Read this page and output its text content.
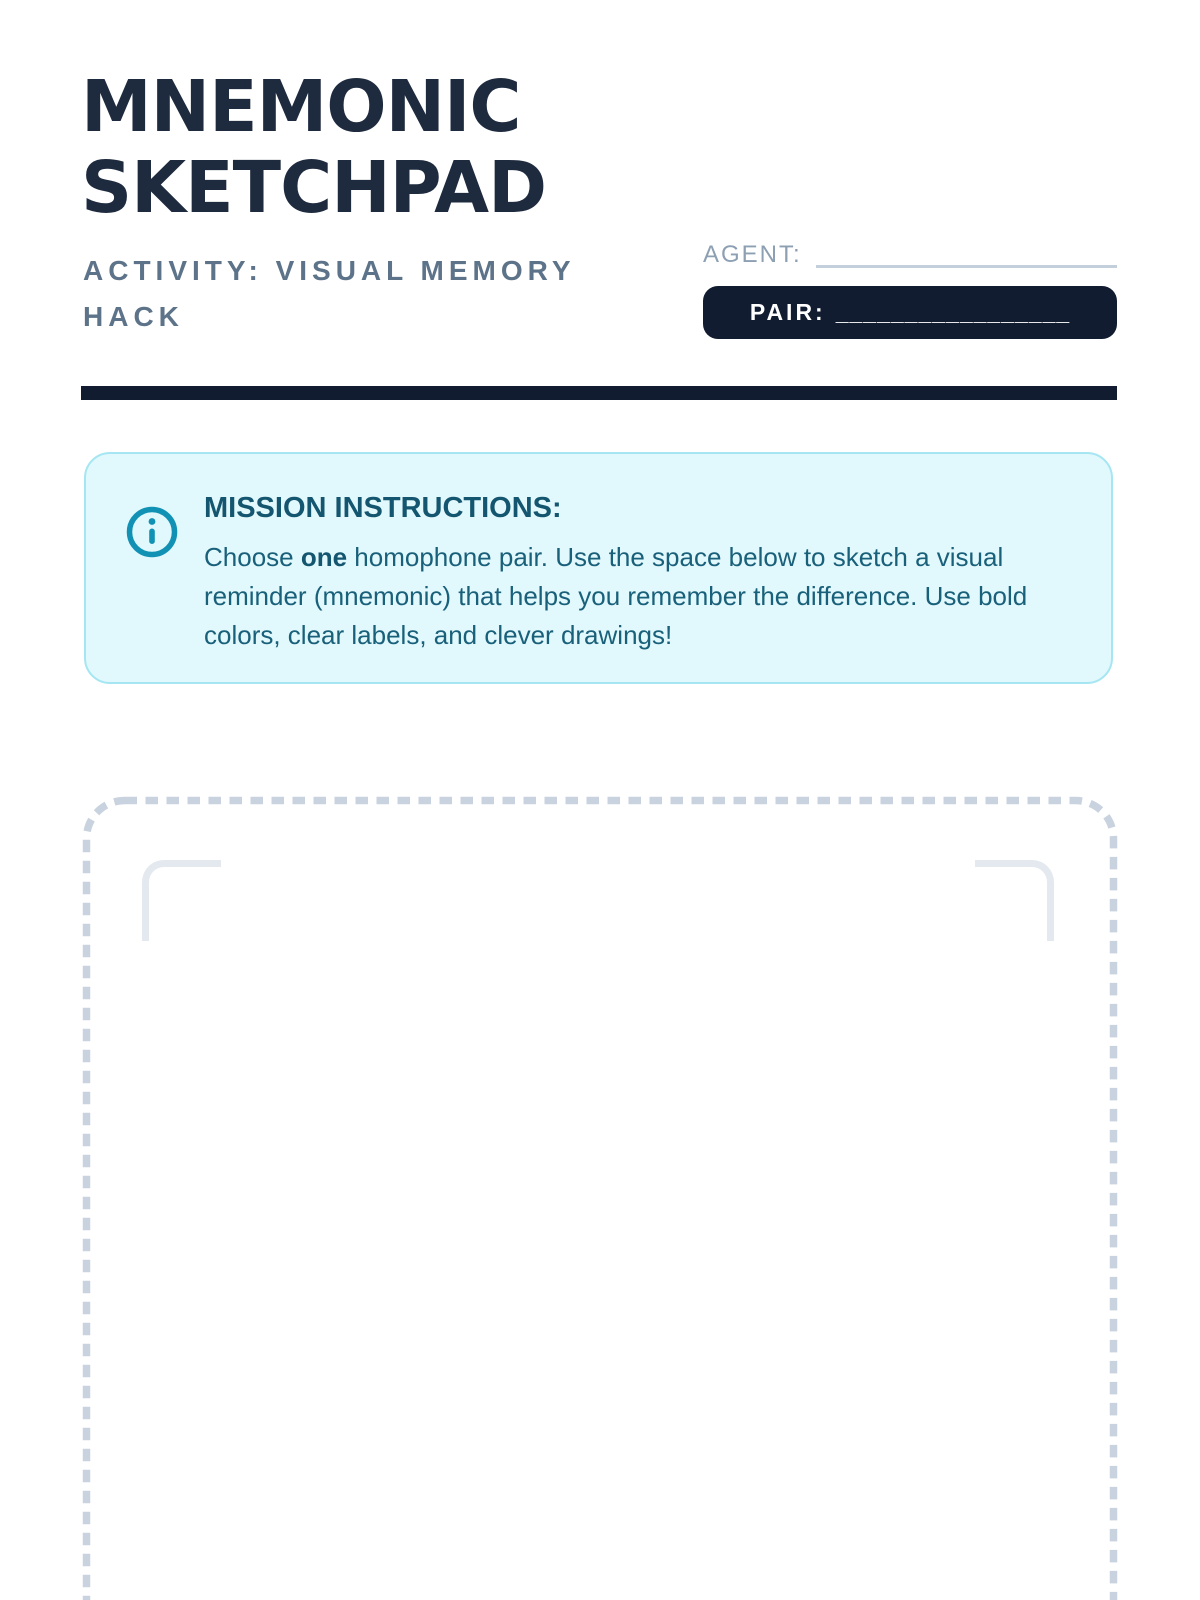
MNEMONIC SKETCHPAD
ACTIVITY: VISUAL MEMORY HACK
AGENT:
PAIR: _________________
MISSION INSTRUCTIONS:
Choose one homophone pair. Use the space below to sketch a visual reminder (mnemonic) that helps you remember the difference. Use bold colors, clear labels, and clever drawings!
